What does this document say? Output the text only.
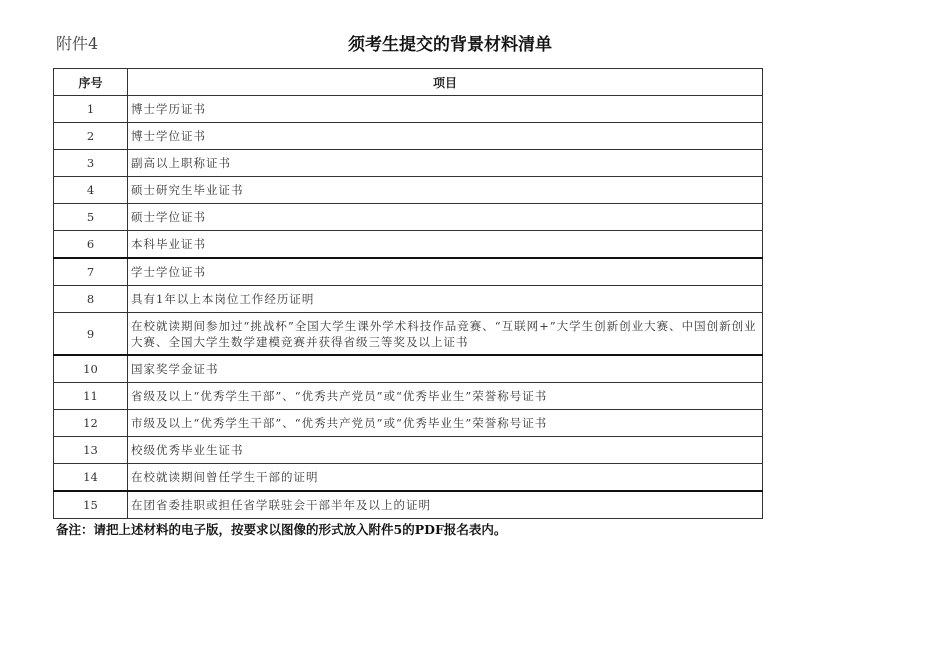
附件4	须考生提交的背景材料清单
序号	项目
1	博士学历证书
2	博士学位证书
3	副高以上职称证书
4	硕士研究生毕业证书
5	硕士学位证书
6	本科毕业证书
7	学士学位证书
8	具有1年以上本岗位工作经历证明
9	在校就读期间参加过“挑战杯”全国大学生课外学术科技作品竞赛、“互联网+”大学生创新创业大赛、中国创新创业大赛、全国大学生数学建模竞赛并获得省级三等奖及以上证书
10	国家奖学金证书
11	省级及以上“优秀学生干部”、“优秀共产党员”或“优秀毕业生”荣誉称号证书
12	市级及以上“优秀学生干部”、“优秀共产党员”或“优秀毕业生”荣誉称号证书
13	校级优秀毕业生证书
14	在校就读期间曾任学生干部的证明
15	在团省委挂职或担任省学联驻会干部半年及以上的证明
备注：请把上述材料的电子版，按要求以图像的形式放入附件5的PDF报名表内。
